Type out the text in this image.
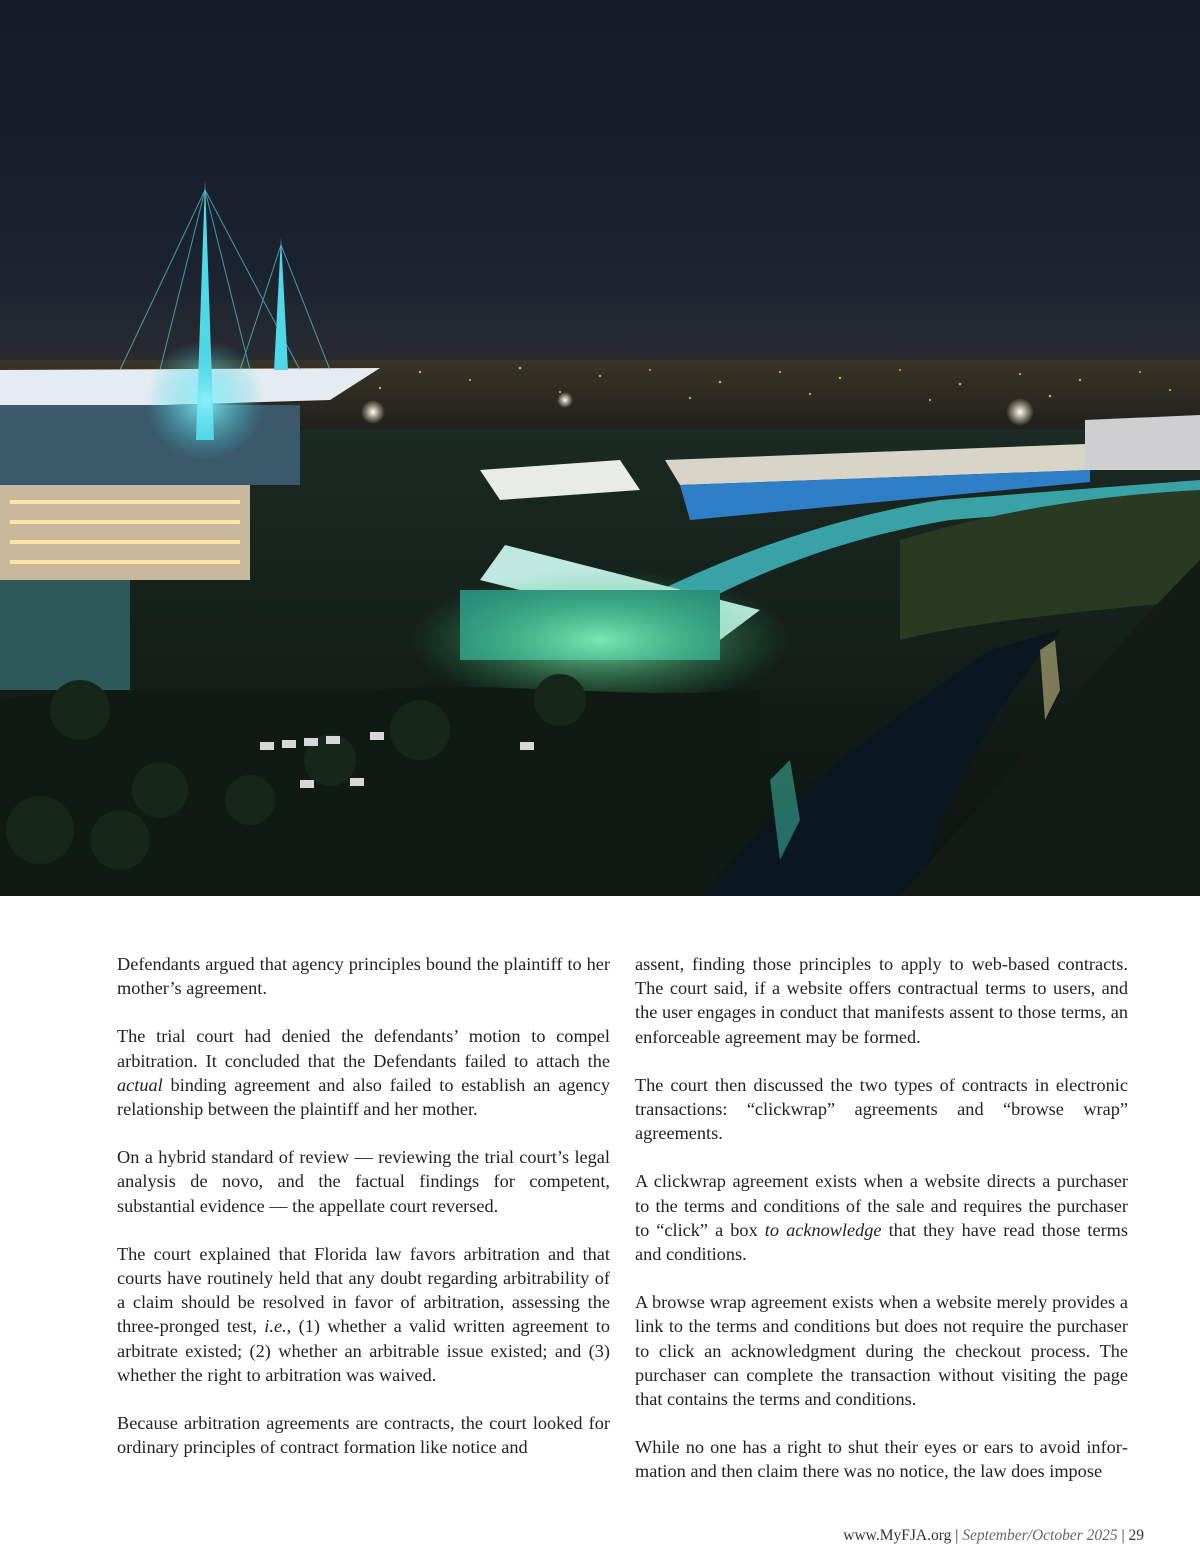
Defendants argued that agency principles bound the plaintiff to her mother’s agreement.

The trial court had denied the defendants’ motion to compel arbitration. It concluded that the Defendants failed to attach the actual binding agreement and also failed to establish an agency relationship between the plaintiff and her mother.

On a hybrid standard of review — reviewing the trial court’s legal analysis de novo, and the factual findings for competent, substantial evidence — the appellate court reversed.

The court explained that Florida law favors arbitration and that courts have routinely held that any doubt regarding arbitrability of a claim should be resolved in favor of arbitration, assessing the three-pronged test, i.e., (1) whether a valid written agreement to arbitrate existed; (2) whether an arbitrable issue existed; and (3) whether the right to arbitration was waived.

Because arbitration agreements are contracts, the court looked for ordinary principles of contract formation like notice and

assent, finding those principles to apply to web-based contracts. The court said, if a website offers contractual terms to users, and the user engages in conduct that manifests assent to those terms, an enforceable agreement may be formed.

The court then discussed the two types of contracts in electronic transactions: “clickwrap” agreements and “browse wrap” agreements.

A clickwrap agreement exists when a website directs a purchaser to the terms and conditions of the sale and requires the purchaser to “click” a box to acknowledge that they have read those terms and conditions.

A browse wrap agreement exists when a website merely provides a link to the terms and conditions but does not require the purchaser to click an acknowledgment during the checkout process. The purchaser can complete the transaction without visiting the page that contains the terms and conditions.

While no one has a right to shut their eyes or ears to avoid information and then claim there was no notice, the law does impose

www.MyFJA.org | September/October 2025 | 29
